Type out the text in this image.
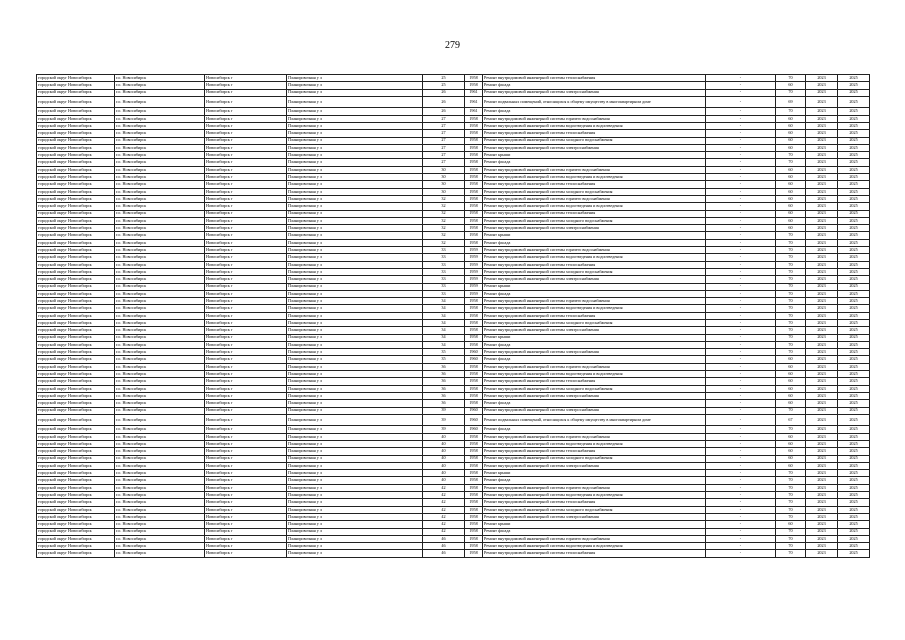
279
городской округ Новосибирск	г.о. Новосибирск	Новосибирск г	Планировочная у л	25	1958	Ремонт внутридомовой инженерной системы теплоснабжения	-	70	2023	2025
городской округ Новосибирск	г.о. Новосибирск	Новосибирск г	Планировочная у л	25	1958	Ремонт фасада	-	60	2023	2025
городской округ Новосибирск	г.о. Новосибирск	Новосибирск г	Планировочная у л	26	1961	Ремонт внутридомовой инженерной системы электроснабжения	-	70	2023	2025
городской округ Новосибирск	г.о. Новосибирск	Новосибирск г	Планировочная у л	26	1961	Ремонт подвальных помещений, относящихся к общему имуществу в многоквартирном доме	-	69	2023	2025
городской округ Новосибирск	г.о. Новосибирск	Новосибирск г	Планировочная у л	26	1961	Ремонт фасада	-	70	2023	2025
городской округ Новосибирск	г.о. Новосибирск	Новосибирск г	Планировочная у л	27	1958	Ремонт внутридомовой инженерной системы горячего водоснабжения	-	60	2023	2025
городской округ Новосибирск	г.о. Новосибирск	Новосибирск г	Планировочная у л	27	1958	Ремонт внутридомовой инженерной системы водоотведения и водоотведения	-	60	2023	2025
городской округ Новосибирск	г.о. Новосибирск	Новосибирск г	Планировочная у л	27	1958	Ремонт внутридомовой инженерной системы теплоснабжения	-	60	2023	2025
городской округ Новосибирск	г.о. Новосибирск	Новосибирск г	Планировочная у л	27	1958	Ремонт внутридомовой инженерной системы холодного водоснабжения	-	60	2023	2025
городской округ Новосибирск	г.о. Новосибирск	Новосибирск г	Планировочная у л	27	1958	Ремонт внутридомовой инженерной системы электроснабжения	-	60	2023	2025
городской округ Новосибирск	г.о. Новосибирск	Новосибирск г	Планировочная у л	27	1958	Ремонт крыши	-	70	2023	2025
городской округ Новосибирск	г.о. Новосибирск	Новосибирск г	Планировочная у л	27	1958	Ремонт фасада	-	70	2023	2025
городской округ Новосибирск	г.о. Новосибирск	Новосибирск г	Планировочная у л	30	1958	Ремонт внутридомовой инженерной системы горячего водоснабжения	-	60	2023	2025
городской округ Новосибирск	г.о. Новосибирск	Новосибирск г	Планировочная у л	30	1958	Ремонт внутридомовой инженерной системы водоотведения и водоотведения	-	60	2023	2025
городской округ Новосибирск	г.о. Новосибирск	Новосибирск г	Планировочная у л	30	1958	Ремонт внутридомовой инженерной системы теплоснабжения	-	60	2023	2025
городской округ Новосибирск	г.о. Новосибирск	Новосибирск г	Планировочная у л	30	1958	Ремонт внутридомовой инженерной системы холодного водоснабжения	-	60	2023	2025
городской округ Новосибирск	г.о. Новосибирск	Новосибирск г	Планировочная у л	32	1958	Ремонт внутридомовой инженерной системы горячего водоснабжения	-	60	2023	2025
городской округ Новосибирск	г.о. Новосибирск	Новосибирск г	Планировочная у л	32	1958	Ремонт внутридомовой инженерной системы водоотведения и водоотведения	-	60	2023	2025
городской округ Новосибирск	г.о. Новосибирск	Новосибирск г	Планировочная у л	32	1958	Ремонт внутридомовой инженерной системы теплоснабжения	-	60	2023	2025
городской округ Новосибирск	г.о. Новосибирск	Новосибирск г	Планировочная у л	32	1958	Ремонт внутридомовой инженерной системы холодного водоснабжения	-	60	2023	2025
городской округ Новосибирск	г.о. Новосибирск	Новосибирск г	Планировочная у л	32	1958	Ремонт внутридомовой инженерной системы электроснабжения	-	60	2023	2025
городской округ Новосибирск	г.о. Новосибирск	Новосибирск г	Планировочная у л	32	1958	Ремонт крыши	-	70	2023	2025
городской округ Новосибирск	г.о. Новосибирск	Новосибирск г	Планировочная у л	32	1958	Ремонт фасада	-	70	2023	2025
городской округ Новосибирск	г.о. Новосибирск	Новосибирск г	Планировочная у л	33	1959	Ремонт внутридомовой инженерной системы горячего водоснабжения	-	70	2023	2025
городской округ Новосибирск	г.о. Новосибирск	Новосибирск г	Планировочная у л	33	1959	Ремонт внутридомовой инженерной системы водоотведения и водоотведения	-	70	2023	2025
городской округ Новосибирск	г.о. Новосибирск	Новосибирск г	Планировочная у л	33	1959	Ремонт внутридомовой инженерной системы теплоснабжения	-	70	2023	2025
городской округ Новосибирск	г.о. Новосибирск	Новосибирск г	Планировочная у л	33	1959	Ремонт внутридомовой инженерной системы холодного водоснабжения	-	70	2023	2025
городской округ Новосибирск	г.о. Новосибирск	Новосибирск г	Планировочная у л	33	1959	Ремонт внутридомовой инженерной системы электроснабжения	-	70	2023	2025
городской округ Новосибирск	г.о. Новосибирск	Новосибирск г	Планировочная у л	33	1959	Ремонт крыши	-	70	2023	2025
городской округ Новосибирск	г.о. Новосибирск	Новосибирск г	Планировочная у л	33	1959	Ремонт фасада	-	70	2023	2025
городской округ Новосибирск	г.о. Новосибирск	Новосибирск г	Планировочная у л	34	1958	Ремонт внутридомовой инженерной системы горячего водоснабжения	-	70	2023	2025
городской округ Новосибирск	г.о. Новосибирск	Новосибирск г	Планировочная у л	34	1958	Ремонт внутридомовой инженерной системы водоотведения и водоотведения	-	70	2023	2025
городской округ Новосибирск	г.о. Новосибирск	Новосибирск г	Планировочная у л	34	1958	Ремонт внутридомовой инженерной системы теплоснабжения	-	70	2023	2025
городской округ Новосибирск	г.о. Новосибирск	Новосибирск г	Планировочная у л	34	1958	Ремонт внутридомовой инженерной системы холодного водоснабжения	-	70	2023	2025
городской округ Новосибирск	г.о. Новосибирск	Новосибирск г	Планировочная у л	34	1958	Ремонт внутридомовой инженерной системы электроснабжения	-	70	2023	2025
городской округ Новосибирск	г.о. Новосибирск	Новосибирск г	Планировочная у л	34	1958	Ремонт крыши	-	70	2023	2025
городской округ Новосибирск	г.о. Новосибирск	Новосибирск г	Планировочная у л	34	1958	Ремонт фасада	-	70	2023	2025
городской округ Новосибирск	г.о. Новосибирск	Новосибирск г	Планировочная у л	35	1960	Ремонт внутридомовой инженерной системы электроснабжения	-	70	2023	2025
городской округ Новосибирск	г.о. Новосибирск	Новосибирск г	Планировочная у л	35	1960	Ремонт фасада	-	60	2023	2025
городской округ Новосибирск	г.о. Новосибирск	Новосибирск г	Планировочная у л	36	1958	Ремонт внутридомовой инженерной системы горячего водоснабжения	-	60	2023	2025
городской округ Новосибирск	г.о. Новосибирск	Новосибирск г	Планировочная у л	36	1958	Ремонт внутридомовой инженерной системы водоотведения и водоотведения	-	60	2023	2025
городской округ Новосибирск	г.о. Новосибирск	Новосибирск г	Планировочная у л	36	1958	Ремонт внутридомовой инженерной системы теплоснабжения	-	60	2023	2025
городской округ Новосибирск	г.о. Новосибирск	Новосибирск г	Планировочная у л	36	1958	Ремонт внутридомовой инженерной системы холодного водоснабжения	-	60	2023	2025
городской округ Новосибирск	г.о. Новосибирск	Новосибирск г	Планировочная у л	36	1958	Ремонт внутридомовой инженерной системы электроснабжения	-	60	2023	2025
городской округ Новосибирск	г.о. Новосибирск	Новосибирск г	Планировочная у л	36	1958	Ремонт фасада	-	60	2023	2025
городской округ Новосибирск	г.о. Новосибирск	Новосибирск г	Планировочная у л	39	1960	Ремонт внутридомовой инженерной системы электроснабжения	-	70	2023	2025
городской округ Новосибирск	г.о. Новосибирск	Новосибирск г	Планировочная у л	39	1960	Ремонт подвальных помещений, относящихся к общему имуществу в многоквартирном доме	-	67	2023	2025
городской округ Новосибирск	г.о. Новосибирск	Новосибирск г	Планировочная у л	39	1960	Ремонт фасада	-	70	2023	2025
городской округ Новосибирск	г.о. Новосибирск	Новосибирск г	Планировочная у л	40	1958	Ремонт внутридомовой инженерной системы горячего водоснабжения	-	60	2023	2025
городской округ Новосибирск	г.о. Новосибирск	Новосибирск г	Планировочная у л	40	1958	Ремонт внутридомовой инженерной системы водоотведения и водоотведения	-	60	2023	2025
городской округ Новосибирск	г.о. Новосибирск	Новосибирск г	Планировочная у л	40	1958	Ремонт внутридомовой инженерной системы теплоснабжения	-	60	2023	2025
городской округ Новосибирск	г.о. Новосибирск	Новосибирск г	Планировочная у л	40	1958	Ремонт внутридомовой инженерной системы холодного водоснабжения	-	60	2023	2025
городской округ Новосибирск	г.о. Новосибирск	Новосибирск г	Планировочная у л	40	1958	Ремонт внутридомовой инженерной системы электроснабжения	-	60	2023	2025
городской округ Новосибирск	г.о. Новосибирск	Новосибирск г	Планировочная у л	40	1958	Ремонт крыши	-	70	2023	2025
городской округ Новосибирск	г.о. Новосибирск	Новосибирск г	Планировочная у л	40	1958	Ремонт фасада	-	70	2023	2025
городской округ Новосибирск	г.о. Новосибирск	Новосибирск г	Планировочная у л	42	1958	Ремонт внутридомовой инженерной системы горячего водоснабжения	-	70	2023	2025
городской округ Новосибирск	г.о. Новосибирск	Новосибирск г	Планировочная у л	42	1958	Ремонт внутридомовой инженерной системы водоотведения и водоотведения	-	70	2023	2025
городской округ Новосибирск	г.о. Новосибирск	Новосибирск г	Планировочная у л	42	1958	Ремонт внутридомовой инженерной системы теплоснабжения	-	70	2023	2025
городской округ Новосибирск	г.о. Новосибирск	Новосибирск г	Планировочная у л	42	1958	Ремонт внутридомовой инженерной системы холодного водоснабжения	-	70	2023	2025
городской округ Новосибирск	г.о. Новосибирск	Новосибирск г	Планировочная у л	42	1958	Ремонт внутридомовой инженерной системы электроснабжения	-	70	2023	2025
городской округ Новосибирск	г.о. Новосибирск	Новосибирск г	Планировочная у л	42	1958	Ремонт крыши	-	60	2023	2025
городской округ Новосибирск	г.о. Новосибирск	Новосибирск г	Планировочная у л	42	1958	Ремонт фасада	-	70	2023	2025
городской округ Новосибирск	г.о. Новосибирск	Новосибирск г	Планировочная у л	46	1958	Ремонт внутридомовой инженерной системы горячего водоснабжения	-	70	2023	2025
городской округ Новосибирск	г.о. Новосибирск	Новосибирск г	Планировочная у л	46	1958	Ремонт внутридомовой инженерной системы водоотведения и водоотведения	-	70	2023	2025
городской округ Новосибирск	г.о. Новосибирск	Новосибирск г	Планировочная у л	46	1958	Ремонт внутридомовой инженерной системы теплоснабжения	-	70	2023	2025
